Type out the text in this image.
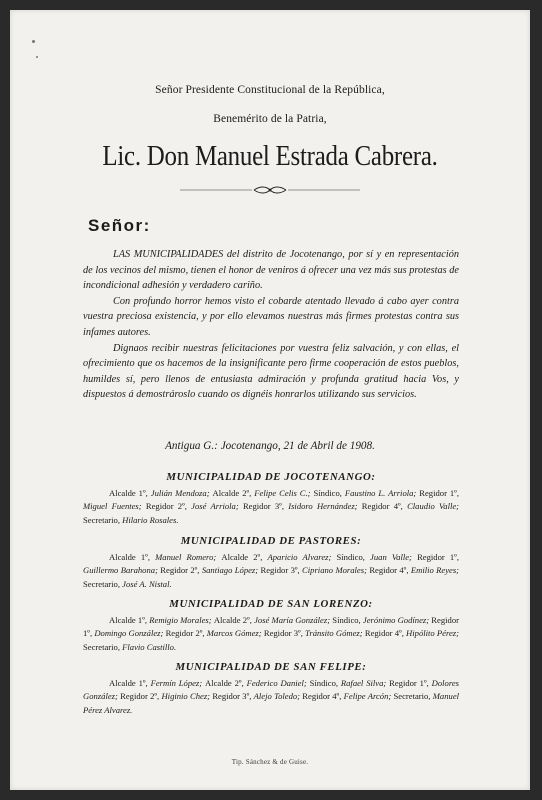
Señor Presidente Constitucional de la República,
Benemérito de la Patria,
Lic. Don Manuel Estrada Cabrera.
Señor:

LAS MUNICIPALIDADES del distrito de Jocotenango, por sí y en representación de los vecinos del mismo, tienen el honor de veniros á ofrecer una vez más sus protestas de incondicional adhesión y verdadero cariño.

Con profundo horror hemos visto el cobarde atentado llevado á cabo ayer contra vuestra preciosa existencia, y por ello elevamos nuestras más firmes protestas contra sus infames autores.

Dignaos recibir nuestras felicitaciones por vuestra feliz salvación, y con ellas, el ofrecimiento que os hacemos de la insignificante pero firme cooperación de estos pueblos, humildes sí, pero llenos de entusiasta admiración y profunda gratitud hacia Vos, y dispuestos á demostrároslo cuando os dignéis honrarlos utilizando sus servicios.

Antigua G.: Jocotenango, 21 de Abril de 1908.
MUNICIPALIDAD DE JOCOTENANGO:
Alcalde 1º, Julián Mendoza; Alcalde 2º, Felipe Celis C.; Síndico, Faustino L. Arriola; Regidor 1º, Miguel Fuentes; Regidor 2º, José Arriola; Regidor 3º, Isidoro Hernández; Regidor 4º, Claudio Valle; Secretario, Hilario Rosales.
MUNICIPALIDAD DE PASTORES:
Alcalde 1º, Manuel Romero; Alcalde 2º, Aparicio Alvarez; Síndico, Juan Valle; Regidor 1º, Guillermo Barahona; Regidor 2º, Santiago López; Regidor 3º, Cipriano Morales; Regidor 4º, Emilio Reyes; Secretario, José A. Nistal.
MUNICIPALIDAD DE SAN LORENZO:
Alcalde 1º, Remigio Morales; Alcalde 2º, José María González; Síndico, Jerónimo Godínez; Regidor 1º, Domingo González; Regidor 2º, Marcos Gómez; Regidor 3º, Tránsito Gómez; Regidor 4º, Hipólito Pérez; Secretario, Flavio Castillo.
MUNICIPALIDAD DE SAN FELIPE:
Alcalde 1º, Fermín López; Alcalde 2º, Federico Daniel; Síndico, Rafael Silva; Regidor 1º, Dolores González; Regidor 2º, Higinio Chez; Regidor 3º, Alejo Toledo; Regidor 4º, Felipe Arcón; Secretario, Manuel Pérez Alvarez.
Tip. Sánchez & de Guise.
